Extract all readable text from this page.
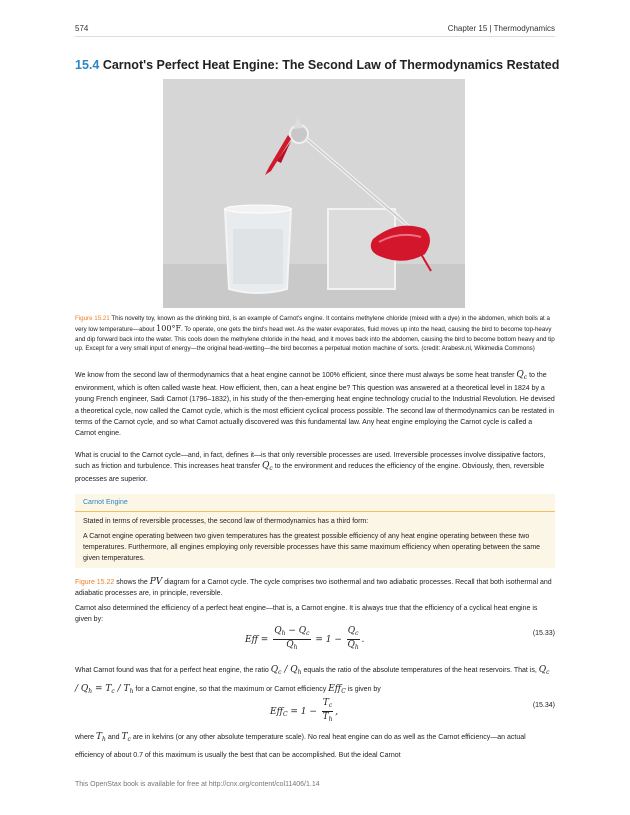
574	Chapter 15 | Thermodynamics
15.4 Carnot's Perfect Heat Engine: The Second Law of Thermodynamics Restated
Figure 15.21 This novelty toy, known as the drinking bird, is an example of Carnot's engine. It contains methylene chloride (mixed with a dye) in the abdomen, which boils at a very low temperature—about 100°F. To operate, one gets the bird's head wet. As the water evaporates, fluid moves up into the head, causing the bird to become top-heavy and dip forward back into the water. This cools down the methylene chloride in the head, and it moves back into the abdomen, causing the bird to become bottom heavy and tip up. Except for a very small input of energy—the original head-wetting—the bird becomes a perpetual motion machine of sorts. (credit: Arabesk.nl, Wikimedia Commons)
We know from the second law of thermodynamics that a heat engine cannot be 100% efficient, since there must always be some heat transfer $Q_c$ to the environment, which is often called waste heat. How efficient, then, can a heat engine be? This question was answered at a theoretical level in 1824 by a young French engineer, Sadi Carnot (1796–1832), in his study of the then-emerging heat engine technology crucial to the Industrial Revolution. He devised a theoretical cycle, now called the Carnot cycle, which is the most efficient cyclical process possible. The second law of thermodynamics can be restated in terms of the Carnot cycle, and so what Carnot actually discovered was this fundamental law. Any heat engine employing the Carnot cycle is called a Carnot engine.
What is crucial to the Carnot cycle—and, in fact, defines it—is that only reversible processes are used. Irreversible processes involve dissipative factors, such as friction and turbulence. This increases heat transfer $Q_c$ to the environment and reduces the efficiency of the engine. Obviously, then, reversible processes are superior.
Carnot Engine
Stated in terms of reversible processes, the second law of thermodynamics has a third form:
A Carnot engine operating between two given temperatures has the greatest possible efficiency of any heat engine operating between these two temperatures. Furthermore, all engines employing only reversible processes have this same maximum efficiency when operating between the same given temperatures.
Figure 15.22 shows the PV diagram for a Carnot cycle. The cycle comprises two isothermal and two adiabatic processes. Recall that both isothermal and adiabatic processes are, in principle, reversible.
Carnot also determined the efficiency of a perfect heat engine—that is, a Carnot engine. It is always true that the efficiency of a cyclical heat engine is given by:
Eff = $\frac{Q_h - Q_c}{Q_h} = 1 - \frac{Q_c}{Q_h}$ .
(15.33)
What Carnot found was that for a perfect heat engine, the ratio $Q_c / Q_h$ equals the ratio of the absolute temperatures of the heat reservoirs. That is, $Q_c / Q_h = T_c / T_h$ for a Carnot engine, so that the maximum or Carnot efficiency Eff$_C$ is given by
$Eff_C = 1 - \frac{T_c}{T_h}$ ,
(15.34)
where $T_h$ and $T_c$ are in kelvins (or any other absolute temperature scale). No real heat engine can do as well as the Carnot efficiency—an actual efficiency of about 0.7 of this maximum is usually the best that can be accomplished. But the ideal Carnot
This OpenStax book is available for free at http://cnx.org/content/col11406/1.14
